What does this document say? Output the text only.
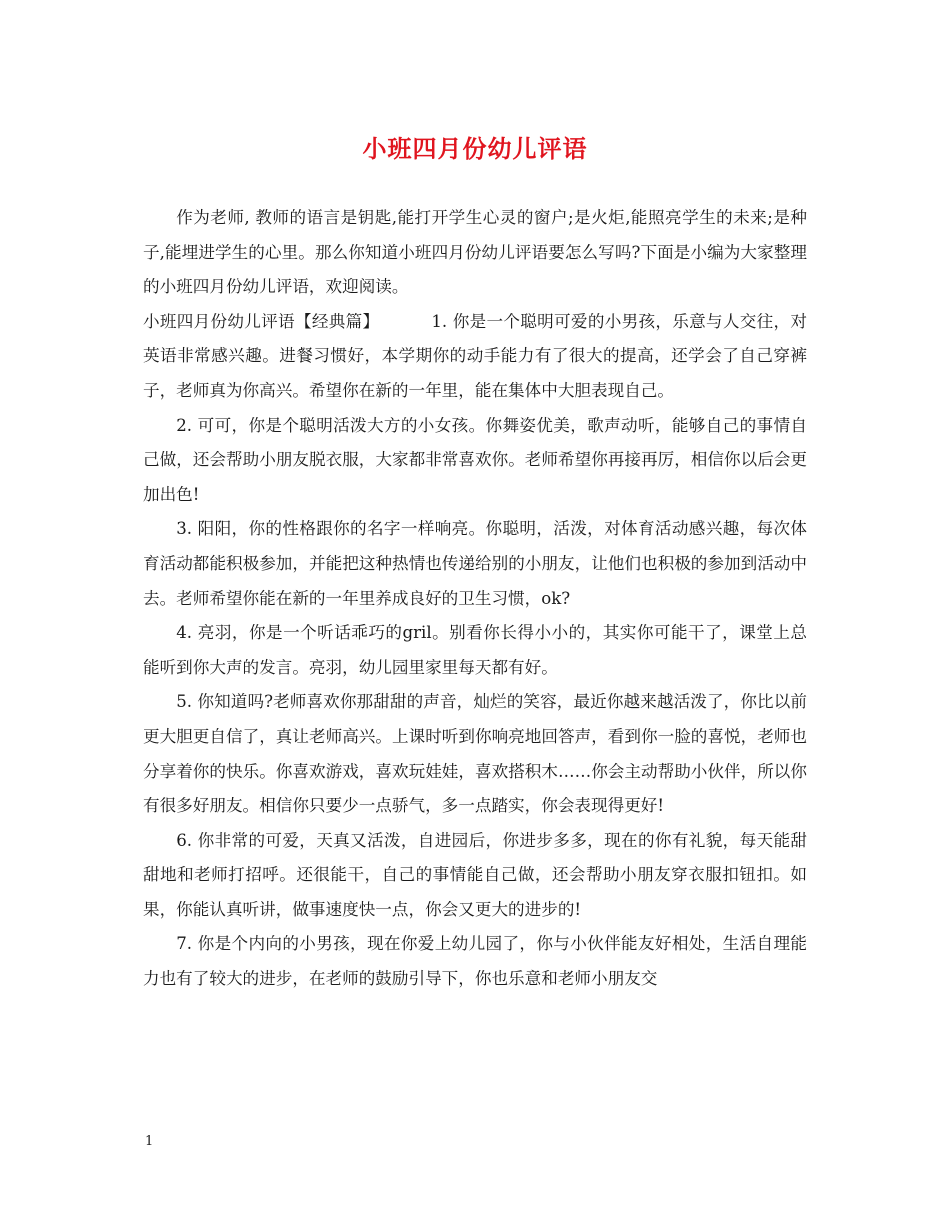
小班四月份幼儿评语

作为老师, 教师的语言是钥匙,能打开学生心灵的窗户;是火炬,能照亮学生的未来;是种子,能埋进学生的心里。那么你知道小班四月份幼儿评语要怎么写吗?下面是小编为大家整理的小班四月份幼儿评语，欢迎阅读。

小班四月份幼儿评语【经典篇】	1. 你是一个聪明可爱的小男孩，乐意与人交往，对英语非常感兴趣。进餐习惯好，本学期你的动手能力有了很大的提高，还学会了自己穿裤子，老师真为你高兴。希望你在新的一年里，能在集体中大胆表现自己。

2. 可可，你是个聪明活泼大方的小女孩。你舞姿优美，歌声动听，能够自己的事情自己做，还会帮助小朋友脱衣服，大家都非常喜欢你。老师希望你再接再厉，相信你以后会更加出色!

3. 阳阳，你的性格跟你的名字一样响亮。你聪明，活泼，对体育活动感兴趣，每次体育活动都能积极参加，并能把这种热情也传递给别的小朋友，让他们也积极的参加到活动中去。老师希望你能在新的一年里养成良好的卫生习惯，ok?

4. 亮羽，你是一个听话乖巧的gril。别看你长得小小的，其实你可能干了，课堂上总能听到你大声的发言。亮羽，幼儿园里家里每天都有好。

5. 你知道吗?老师喜欢你那甜甜的声音，灿烂的笑容，最近你越来越活泼了，你比以前更大胆更自信了，真让老师高兴。上课时听到你响亮地回答声，看到你一脸的喜悦，老师也分享着你的快乐。你喜欢游戏，喜欢玩娃娃，喜欢搭积木……你会主动帮助小伙伴，所以你有很多好朋友。相信你只要少一点骄气，多一点踏实，你会表现得更好!

6. 你非常的可爱，天真又活泼，自进园后，你进步多多，现在的你有礼貌，每天能甜甜地和老师打招呼。还很能干，自己的事情能自己做，还会帮助小朋友穿衣服扣钮扣。如果，你能认真听讲，做事速度快一点，你会又更大的进步的!

7. 你是个内向的小男孩，现在你爱上幼儿园了，你与小伙伴能友好相处，生活自理能力也有了较大的进步，在老师的鼓励引导下，你也乐意和老师小朋友交

1
